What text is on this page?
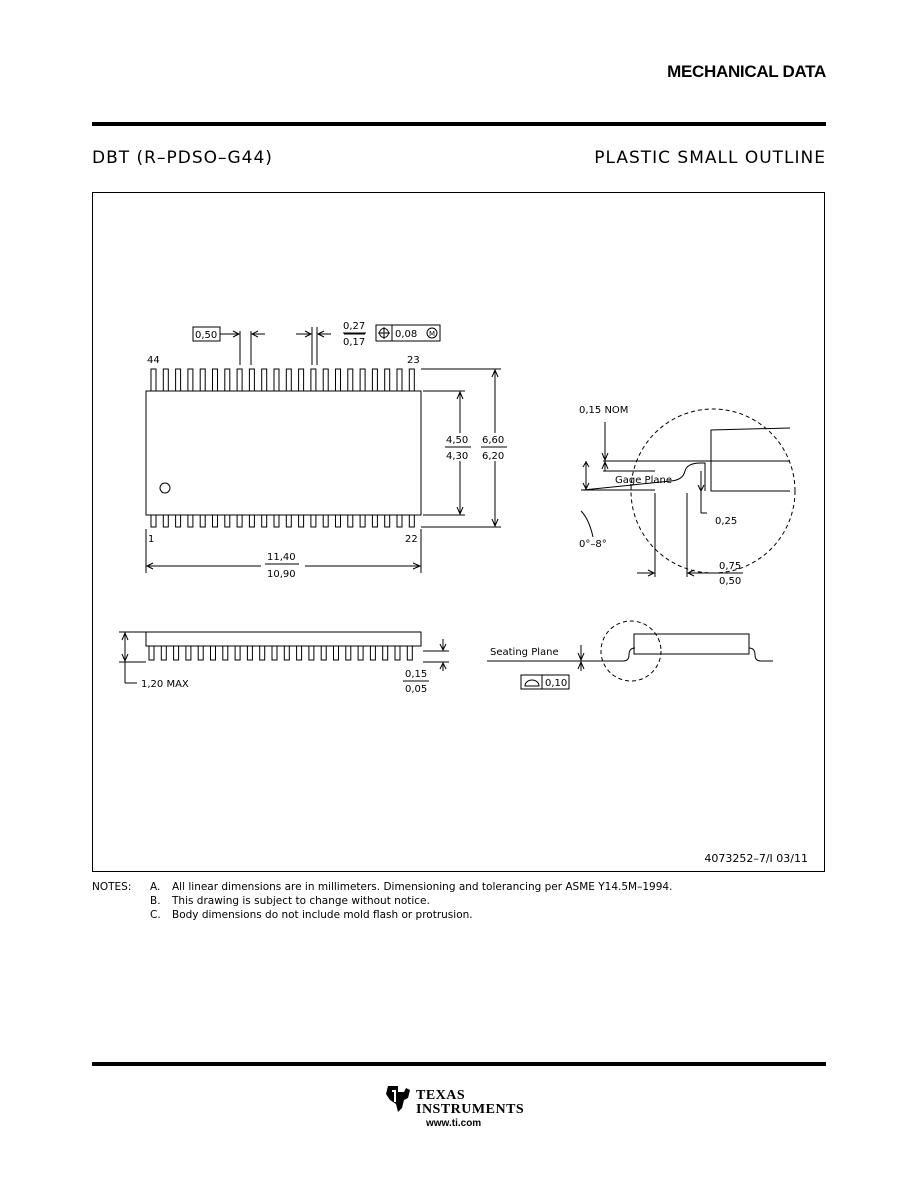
MECHANICAL DATA
DBT (R–PDSO–G44)	PLASTIC SMALL OUTLINE
0,50
0,27
0,17
0,08 M
44	23
1	22
4,50
4,30
6,60
6,20
11,40
10,90
1,20 MAX
0,15
0,05
Seating Plane
0,10
0,15 NOM
Gage Plane
0,25
0°–8°
0,75
0,50
4073252–7/I 03/11
NOTES: A. All linear dimensions are in millimeters. Dimensioning and tolerancing per ASME Y14.5M–1994.
B. This drawing is subject to change without notice.
C. Body dimensions do not include mold flash or protrusion.
TEXAS
INSTRUMENTS
www.ti.com
